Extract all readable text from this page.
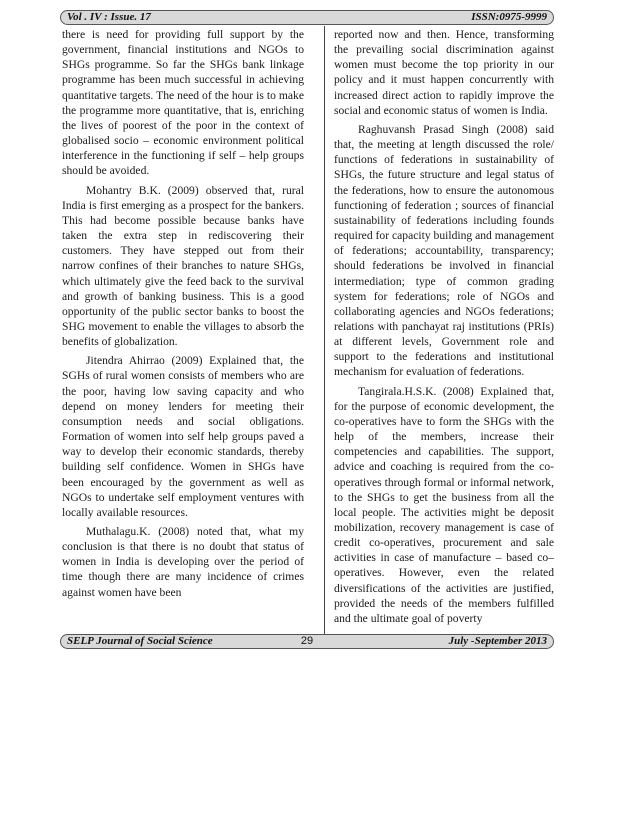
Vol . IV : Issue. 17	ISSN:0975-9999

there is need for providing full support by the government, financial institutions and NGOs to SHGs programme. So far the SHGs bank linkage programme has been much successful in achieving quantitative targets. The need of the hour is to make the programme more quantitative, that is, enriching the lives of poorest of the poor in the context of globalised socio – economic environment political interference in the functioning if self – help groups should be avoided.

Mohantry B.K. (2009) observed that, rural India is first emerging as a prospect for the bankers. This had become possible because banks have taken the extra step in rediscovering their customers. They have stepped out from their narrow confines of their branches to nature SHGs, which ultimately give the feed back to the survival and growth of banking business. This is a good opportunity of the public sector banks to boost the SHG movement to enable the villages to absorb the benefits of globalization.

Jitendra Ahirrao (2009) Explained that, the SGHs of rural women consists of members who are the poor, having low saving capacity and who depend on money lenders for meeting their consumption needs and social obligations. Formation of women into self help groups paved a way to develop their economic standards, thereby building self confidence. Women in SHGs have been encouraged by the government as well as NGOs to undertake self employment ventures with locally available resources.

Muthalagu.K. (2008) noted that, what my conclusion is that there is no doubt that status of women in India is developing over the period of time though there are many incidence of crimes against women have been

reported now and then. Hence, transforming the prevailing social discrimination against women must become the top priority in our policy and it must happen concurrently with increased direct action to rapidly improve the social and economic status of women is India.

Raghuvansh Prasad Singh (2008) said that, the meeting at length discussed the role/ functions of federations in sustainability of SHGs, the future structure and legal status of the federations, how to ensure the autonomous functioning of federation ; sources of financial sustainability of federations including founds required for capacity building and management of federations; accountability, transparency; should federations be involved in financial intermediation; type of common grading system for federations; role of NGOs and collaborating agencies and NGOs federations; relations with panchayat raj institutions (PRIs) at different levels, Government role and support to the federations and institutional mechanism for evaluation of federations.

Tangirala.H.S.K. (2008) Explained that, for the purpose of economic development, the co-operatives have to form the SHGs with the help of the members, increase their competencies and capabilities. The support, advice and coaching is required from the co-operatives through formal or informal network, to the SHGs to get the business from all the local people. The activities might be deposit mobilization, recovery management is case of credit co-operatives, procurement and sale activities in case of manufacture – based co–operatives. However, even the related diversifications of the activities are justified, provided the needs of the members fulfilled and the ultimate goal of poverty

SELP Journal of Social Science	29	July -September 2013
